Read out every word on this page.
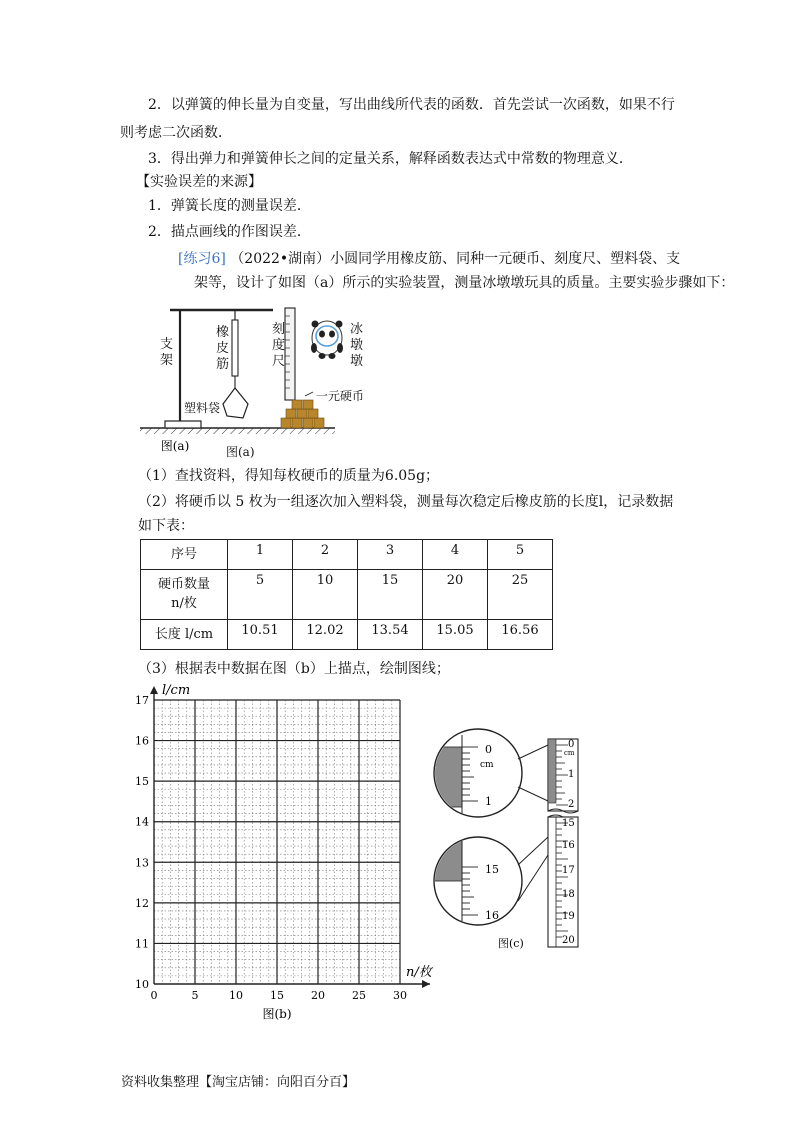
2．以弹簧的伸长量为自变量，写出曲线所代表的函数．首先尝试一次函数，如果不行
则考虑二次函数．
3．得出弹力和弹簧伸长之间的定量关系，解释函数表达式中常数的物理意义．
【实验误差的来源】
1．弹簧长度的测量误差．
2．描点画线的作图误差．
[练习6] （2022•湖南）小圆同学用橡皮筋、同种一元硬币、刻度尺、塑料袋、支
架等，设计了如图（a）所示的实验装置，测量冰墩墩玩具的质量。主要实验步骤如下：
图(a)
支架
橡皮筋
刻度尺
冰墩墩
一元硬币
塑料袋
图(a)
（1）查找资料，得知每枚硬币的质量为6.05g；
（2）将硬币以 5 枚为一组逐次加入塑料袋，测量每次稳定后橡皮筋的长度l，记录数据
如下表：
序号	1	2	3	4	5

硬币数量
n/枚	5	10	15	20	25
长度 l/cm	10.51	12.02	13.54	15.05	16.56
（3）根据表中数据在图（b）上描点，绘制图线；
0	5	10 15 20 25 30
10
11
12
13
14
15
16
17
n/枚
l/cm
图(b)
0
cm
1
15
16
0
cm
1
2
15
16
17
18
19
20
图(c)
资料收集整理【淘宝店铺：向阳百分百】
